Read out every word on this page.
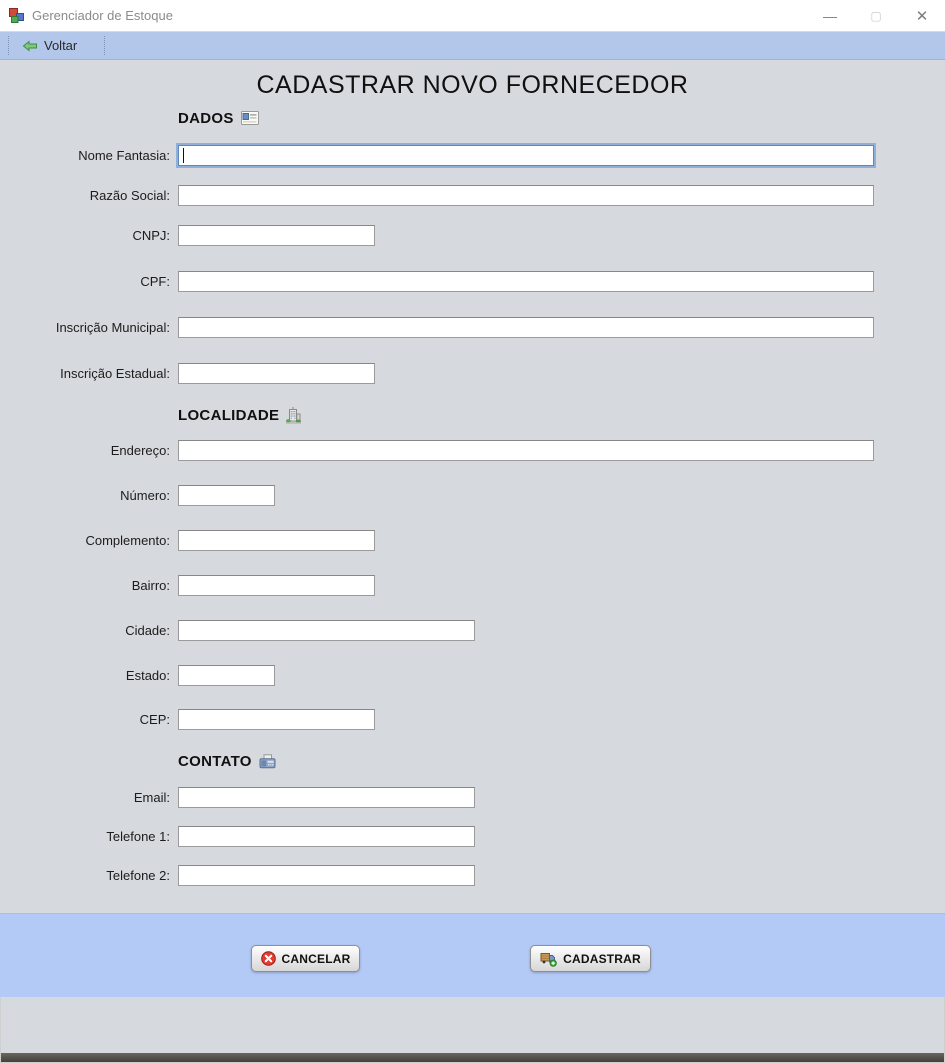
Gerenciador de Estoque	—	▢	✕
Voltar
CADASTRAR NOVO FORNECEDOR
DADOS
Nome Fantasia:
Razão Social:
CNPJ:
CPF:
Inscrição Municipal:
Inscrição Estadual:
LOCALIDADE
Endereço:
Número:
Complemento:
Bairro:
Cidade:
Estado:
CEP:
CONTATO
Email:
Telefone 1:
Telefone 2:
CANCELAR	CADASTRAR
